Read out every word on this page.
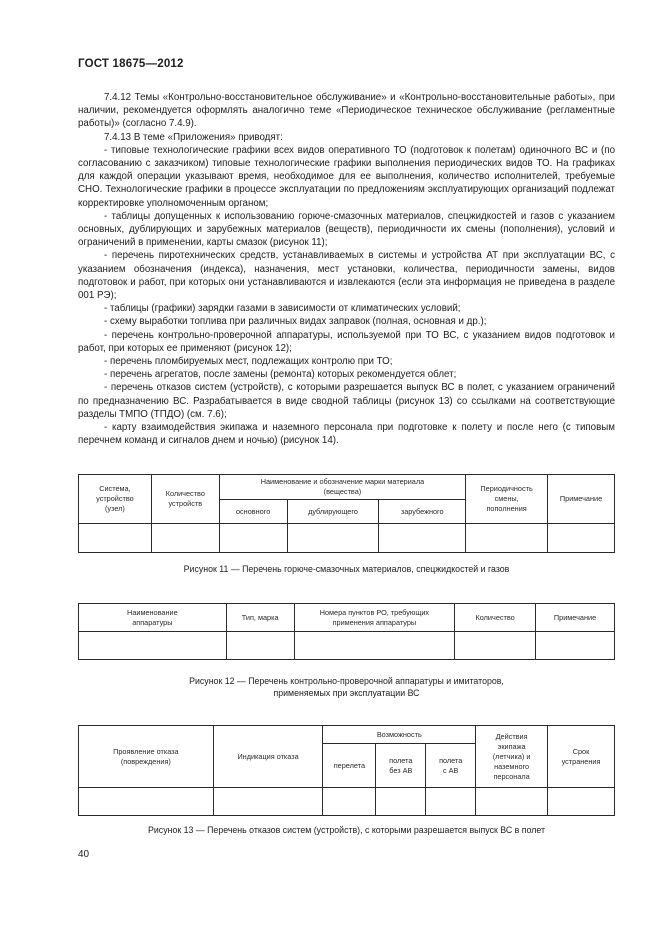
ГОСТ 18675—2012

7.4.12 Темы «Контрольно-восстановительное обслуживание» и «Контрольно-восстановительные работы», при наличии, рекомендуется оформлять аналогично теме «Периодическое техническое обслуживание (регламентные работы)» (согласно 7.4.9).

7.4.13 В теме «Приложения» приводят:

- типовые технологические графики всех видов оперативного ТО (подготовок к полетам) одиночного ВС и (по согласованию с заказчиком) типовые технологические графики выполнения периодических видов ТО. На графиках для каждой операции указывают время, необходимое для ее выполнения, количество исполнителей, требуемые СНО. Технологические графики в процессе эксплуатации по предложениям эксплуатирующих организаций подлежат корректировке уполномоченным органом;

- таблицы допущенных к использованию горюче-смазочных материалов, спецжидкостей и газов с указанием основных, дублирующих и зарубежных материалов (веществ), периодичности их смены (пополнения), условий и ограничений в применении, карты смазок (рисунок 11);

- перечень пиротехнических средств, устанавливаемых в системы и устройства АТ при эксплуатации ВС, с указанием обозначения (индекса), назначения, мест установки, количества, периодичности замены, видов подготовок и работ, при которых они устанавливаются и извлекаются (если эта информация не приведена в разделе 001 РЭ);

- таблицы (графики) зарядки газами в зависимости от климатических условий;

- схему выработки топлива при различных видах заправок (полная, основная и др.);

- перечень контрольно-проверочной аппаратуры, используемой при ТО ВС, с указанием видов подготовок и работ, при которых ее применяют (рисунок 12);

- перечень пломбируемых мест, подлежащих контролю при ТО;

- перечень агрегатов, после замены (ремонта) которых рекомендуется облет;

- перечень отказов систем (устройств), с которыми разрешается выпуск ВС в полет, с указанием ограничений по предназначению ВС. Разрабатывается в виде сводной таблицы (рисунок 13) со ссылками на соответствующие разделы ТМПО (ТПДО) (см. 7.6);

- карту взаимодействия экипажа и наземного персонала при подготовке к полету и после него (с типовым перечнем команд и сигналов днем и ночью) (рисунок 14).

Система,
устройство
(узел)	Количество
устройств	Наименование и обозначение марки материала
(вещества)			Периодичность
смены,
пополнения	Примечание
		основного	дублирующего	зарубежного		

Рисунок 11 — Перечень горюче-смазочных материалов, спецжидкостей и газов
Наименование
аппаратуры	Тип, марка	Номера пунктов РО, требующих
применения аппаратуры	Количество	Примечание

Рисунок 12 — Перечень контрольно-проверочной аппаратуры и имитаторов,
применяемых при эксплуатации ВС
Проявление отказа
(повреждения)	Индикация отказа	Возможность			Действия
экипажа
(летчика) и
наземного
персонала	Срок
устранения
		перелета	полета
без АВ	полета
с АВ		

Рисунок 13 — Перечень отказов систем (устройств), с которыми разрешается выпуск ВС в полет
40
